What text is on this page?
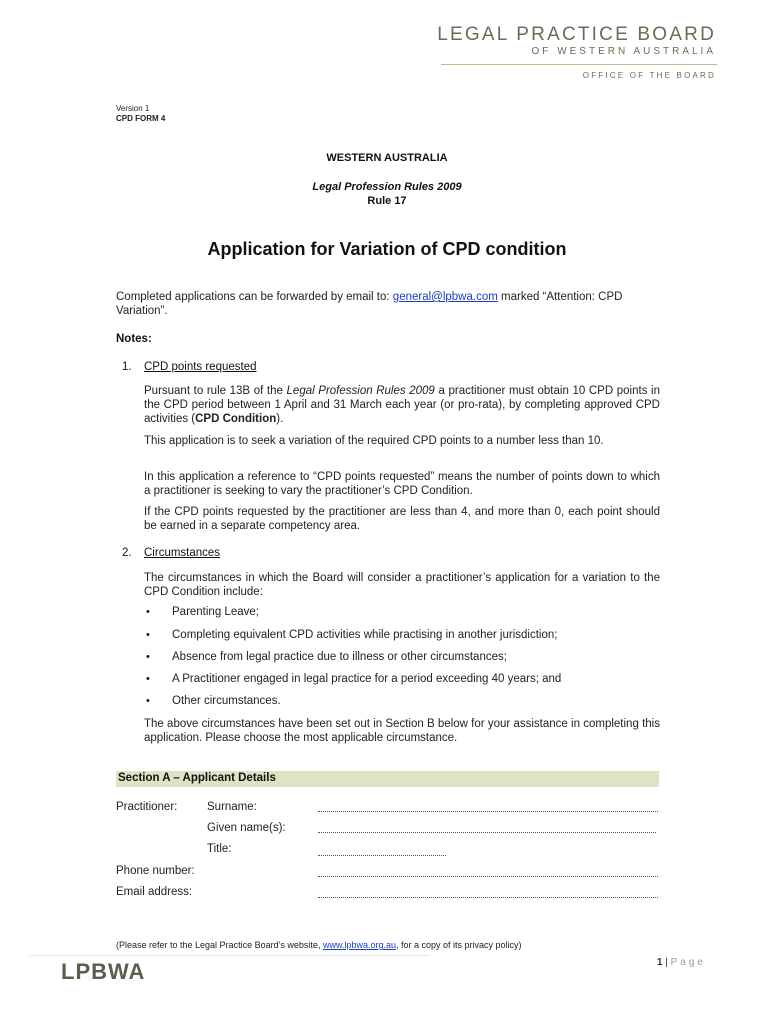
LEGAL PRACTICE BOARD
OF WESTERN AUSTRALIA
OFFICE OF THE BOARD
Version 1
CPD FORM 4
WESTERN AUSTRALIA
Legal Profession Rules 2009
Rule 17
Application for Variation of CPD condition
Completed applications can be forwarded by email to: general@lpbwa.com marked “Attention: CPD Variation”.
Notes:
1. CPD points requested
Pursuant to rule 13B of the Legal Profession Rules 2009 a practitioner must obtain 10 CPD points in the CPD period between 1 April and 31 March each year (or pro-rata), by completing approved CPD activities (CPD Condition).
This application is to seek a variation of the required CPD points to a number less than 10.
In this application a reference to “CPD points requested” means the number of points down to which a practitioner is seeking to vary the practitioner’s CPD Condition.
If the CPD points requested by the practitioner are less than 4, and more than 0, each point should be earned in a separate competency area.
2. Circumstances
The circumstances in which the Board will consider a practitioner’s application for a variation to the CPD Condition include:
• Parenting Leave;
• Completing equivalent CPD activities while practising in another jurisdiction;
• Absence from legal practice due to illness or other circumstances;
• A Practitioner engaged in legal practice for a period exceeding 40 years; and
• Other circumstances.
The above circumstances have been set out in Section B below for your assistance in completing this application. Please choose the most applicable circumstance.
Section A – Applicant Details
Practitioner:	Surname:
Given name(s):
Title:
Phone number:
Email address:
(Please refer to the Legal Practice Board’s website, www.lpbwa.org.au, for a copy of its privacy policy)
1 | Page
LPBWA
